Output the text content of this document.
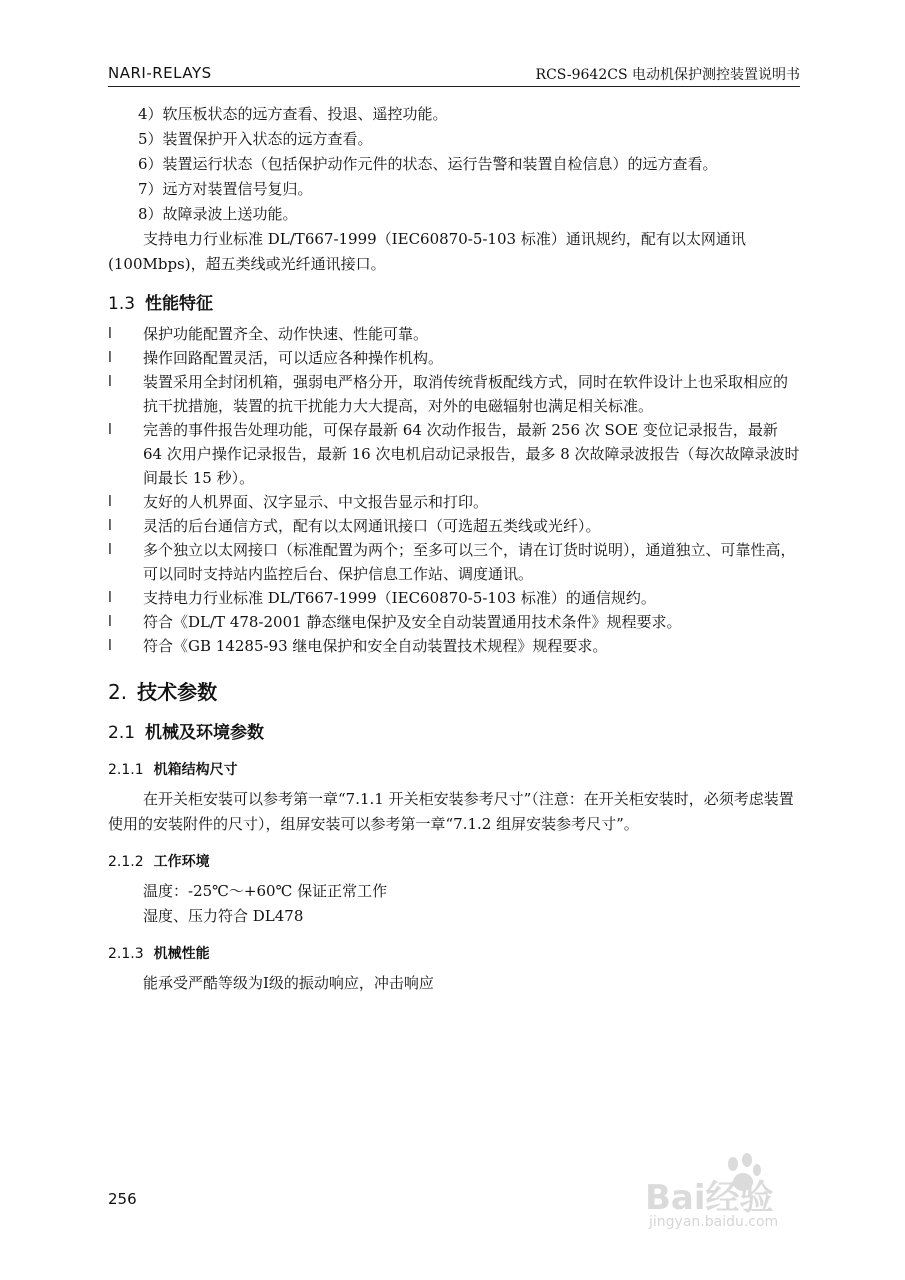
NARI-RELAYS	RCS-9642CS 电动机保护测控装置说明书

4）软压板状态的远方查看、投退、遥控功能。

5）装置保护开入状态的远方查看。

6）装置运行状态（包括保护动作元件的状态、运行告警和装置自检信息）的远方查看。

7）远方对装置信号复归。

8）故障录波上送功能。

支持电力行业标准 DL/T667-1999（IEC60870-5-103 标准）通讯规约，配有以太网通讯(100Mbps)，超五类线或光纤通讯接口。

1.3 性能特征
l 保护功能配置齐全、动作快速、性能可靠。
l 操作回路配置灵活，可以适应各种操作机构。
l 装置采用全封闭机箱，强弱电严格分开，取消传统背板配线方式，同时在软件设计上也采取相应的抗干扰措施，装置的抗干扰能力大大提高，对外的电磁辐射也满足相关标准。
l 完善的事件报告处理功能，可保存最新 64 次动作报告，最新 256 次 SOE 变位记录报告，最新 64 次用户操作记录报告，最新 16 次电机启动记录报告，最多 8 次故障录波报告（每次故障录波时间最长 15 秒）。
l 友好的人机界面、汉字显示、中文报告显示和打印。
l 灵活的后台通信方式，配有以太网通讯接口（可选超五类线或光纤）。
l 多个独立以太网接口（标准配置为两个；至多可以三个，请在订货时说明），通道独立、可靠性高，可以同时支持站内监控后台、保护信息工作站、调度通讯。
l 支持电力行业标准 DL/T667-1999（IEC60870-5-103 标准）的通信规约。
l 符合《DL/T 478-2001 静态继电保护及安全自动装置通用技术条件》规程要求。
l 符合《GB 14285-93 继电保护和安全自动装置技术规程》规程要求。
2. 技术参数
2.1 机械及环境参数
2.1.1 机箱结构尺寸

在开关柜安装可以参考第一章“7.1.1 开关柜安装参考尺寸”（注意：在开关柜安装时，必须考虑装置使用的安装附件的尺寸），组屏安装可以参考第一章“7.1.2 组屏安装参考尺寸”。

2.1.2 工作环境

温度：-25℃～+60℃ 保证正常工作

湿度、压力符合 DL478

2.1.3 机械性能

能承受严酷等级为Ⅰ级的振动响应，冲击响应

256	Bai经验
jingyan.baidu.com
